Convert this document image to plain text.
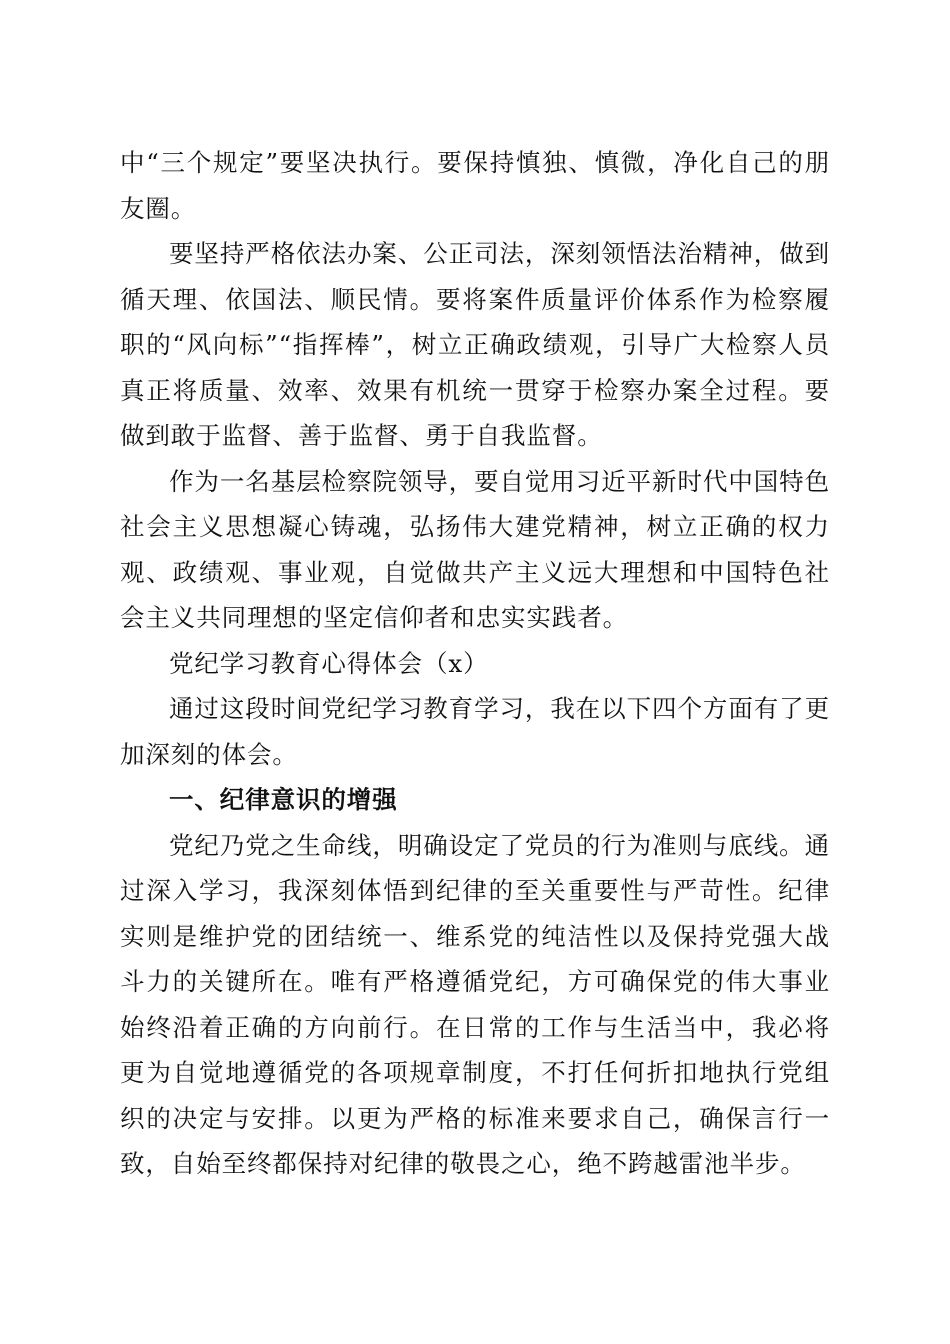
中“三个规定”要坚决执行。要保持慎独、慎微，净化自己的朋友圈。

要坚持严格依法办案、公正司法，深刻领悟法治精神，做到循天理、依国法、顺民情。要将案件质量评价体系作为检察履职的“风向标”“指挥棒”，树立正确政绩观，引导广大检察人员真正将质量、效率、效果有机统一贯穿于检察办案全过程。要做到敢于监督、善于监督、勇于自我监督。

作为一名基层检察院领导，要自觉用习近平新时代中国特色社会主义思想凝心铸魂，弘扬伟大建党精神，树立正确的权力观、政绩观、事业观，自觉做共产主义远大理想和中国特色社会主义共同理想的坚定信仰者和忠实实践者。

党纪学习教育心得体会（x）

通过这段时间党纪学习教育学习，我在以下四个方面有了更加深刻的体会。

一、纪律意识的增强

党纪乃党之生命线，明确设定了党员的行为准则与底线。通过深入学习，我深刻体悟到纪律的至关重要性与严苛性。纪律实则是维护党的团结统一、维系党的纯洁性以及保持党强大战斗力的关键所在。唯有严格遵循党纪，方可确保党的伟大事业始终沿着正确的方向前行。在日常的工作与生活当中，我必将更为自觉地遵循党的各项规章制度，不打任何折扣地执行党组织的决定与安排。以更为严格的标准来要求自己，确保言行一致，自始至终都保持对纪律的敬畏之心，绝不跨越雷池半步。
